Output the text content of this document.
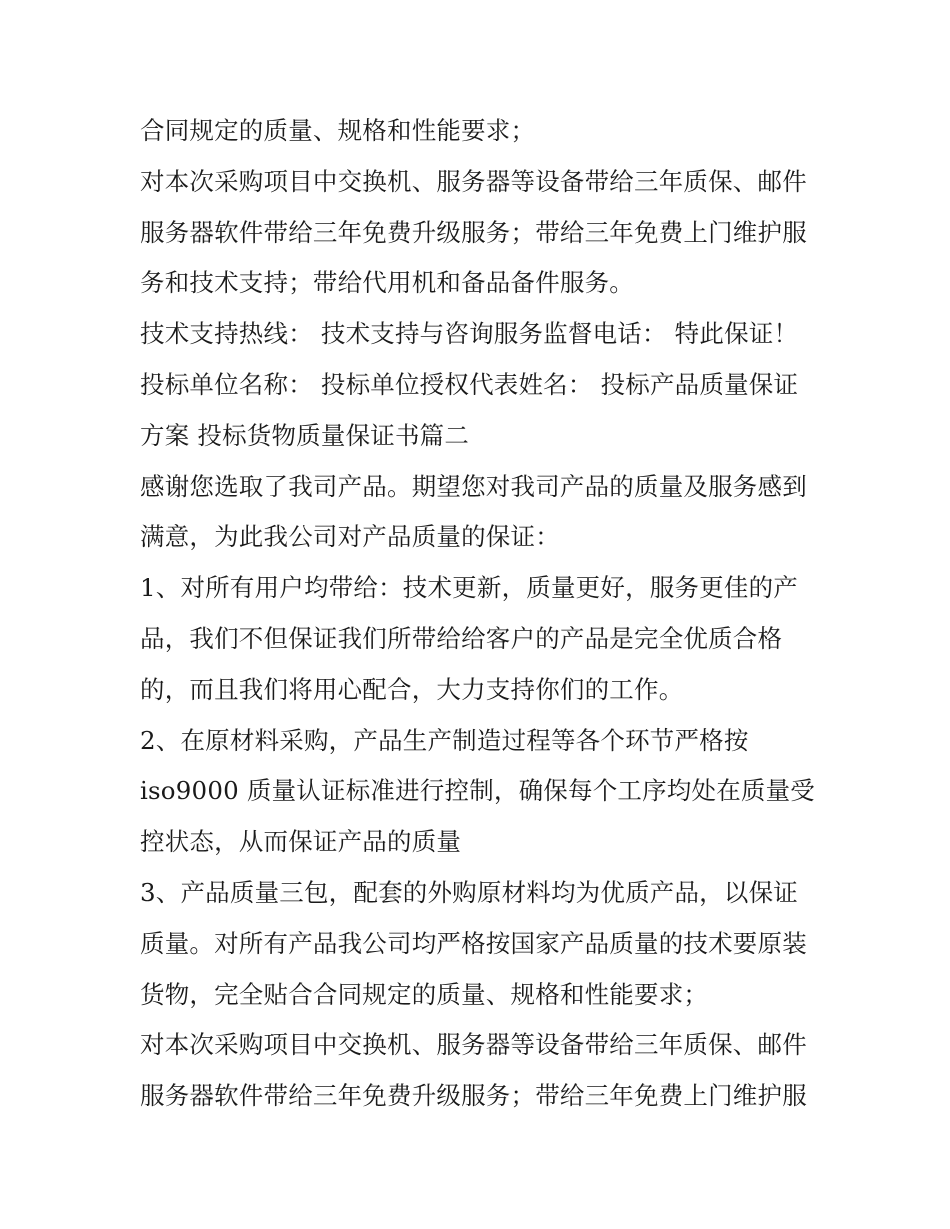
合同规定的质量、规格和性能要求；
对本次采购项目中交换机、服务器等设备带给三年质保、邮件
服务器软件带给三年免费升级服务；带给三年免费上门维护服
务和技术支持；带给代用机和备品备件服务。
技术支持热线： 技术支持与咨询服务监督电话： 特此保证！
投标单位名称： 投标单位授权代表姓名： 投标产品质量保证
方案 投标货物质量保证书篇二
感谢您选取了我司产品。期望您对我司产品的质量及服务感到
满意，为此我公司对产品质量的保证：
1、对所有用户均带给：技术更新，质量更好，服务更佳的产
品，我们不但保证我们所带给给客户的产品是完全优质合格
的，而且我们将用心配合，大力支持你们的工作。
2、在原材料采购，产品生产制造过程等各个环节严格按
iso9000 质量认证标准进行控制，确保每个工序均处在质量受
控状态，从而保证产品的质量
3、产品质量三包，配套的外购原材料均为优质产品，以保证
质量。对所有产品我公司均严格按国家产品质量的技术要原装
货物，完全贴合合同规定的质量、规格和性能要求；
对本次采购项目中交换机、服务器等设备带给三年质保、邮件
服务器软件带给三年免费升级服务；带给三年免费上门维护服
